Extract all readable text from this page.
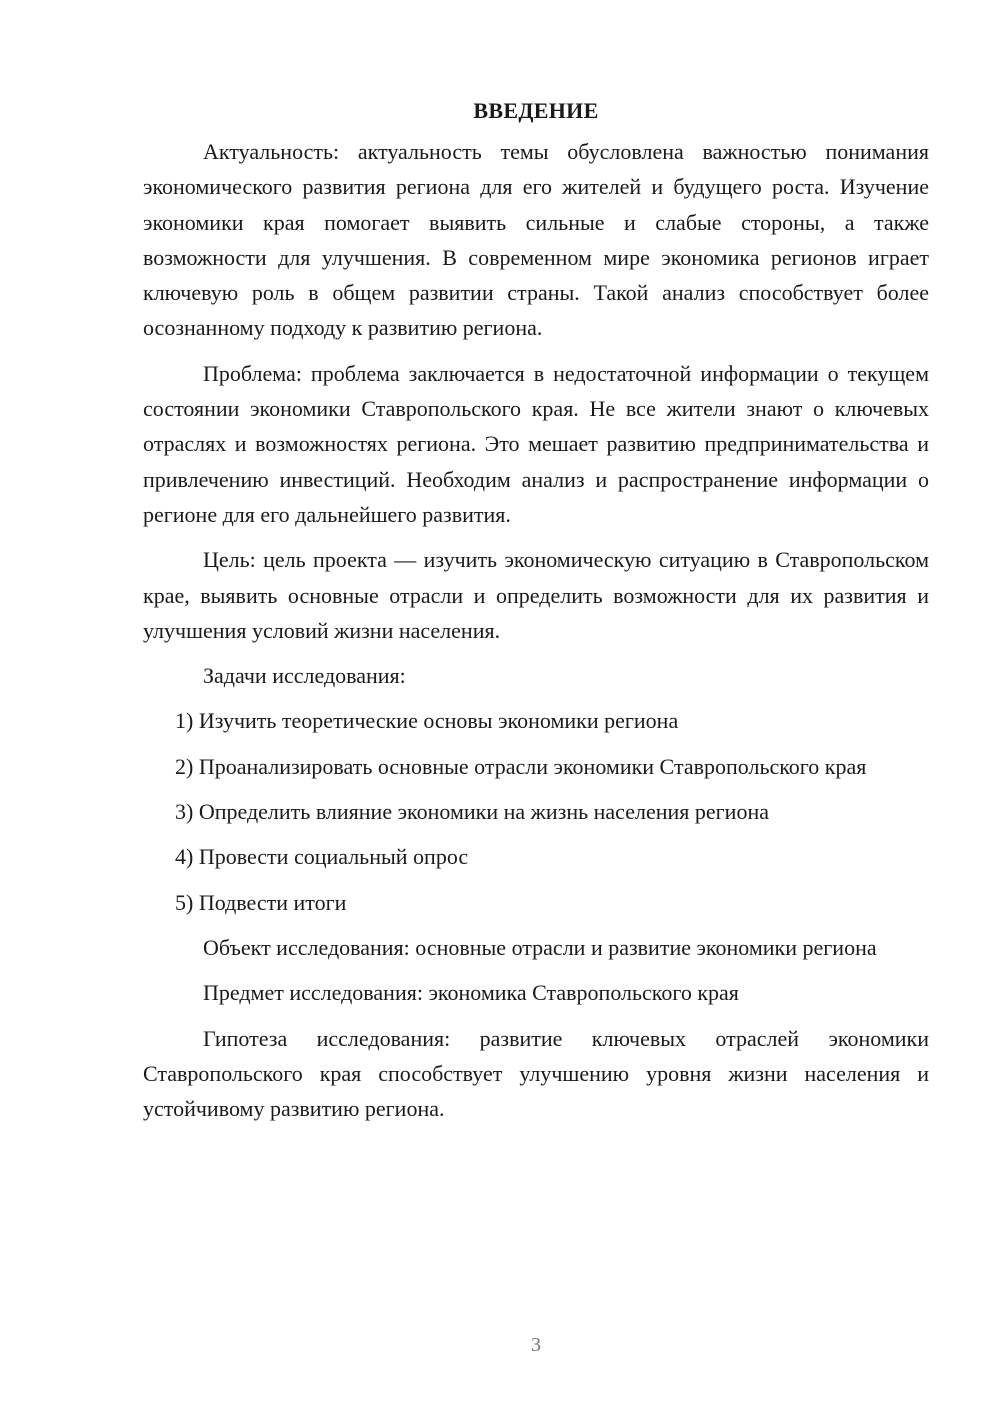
ВВЕДЕНИЕ

Актуальность: актуальность темы обусловлена важностью понимания экономического развития региона для его жителей и будущего роста. Изучение экономики края помогает выявить сильные и слабые стороны, а также возможности для улучшения. В современном мире экономика регионов играет ключевую роль в общем развитии страны. Такой анализ способствует более осознанному подходу к развитию региона.

Проблема: проблема заключается в недостаточной информации о текущем состоянии экономики Ставропольского края. Не все жители знают о ключевых отраслях и возможностях региона. Это мешает развитию предпринимательства и привлечению инвестиций. Необходим анализ и распространение информации о регионе для его дальнейшего развития.

Цель: цель проекта — изучить экономическую ситуацию в Ставропольском крае, выявить основные отрасли и определить возможности для их развития и улучшения условий жизни населения.

Задачи исследования:

1) Изучить теоретические основы экономики региона

2) Проанализировать основные отрасли экономики Ставропольского края

3) Определить влияние экономики на жизнь населения региона

4) Провести социальный опрос

5) Подвести итоги

Объект исследования: основные отрасли и развитие экономики региона

Предмет исследования: экономика Ставропольского края

Гипотеза исследования: развитие ключевых отраслей экономики Ставропольского края способствует улучшению уровня жизни населения и устойчивому развитию региона.

3
